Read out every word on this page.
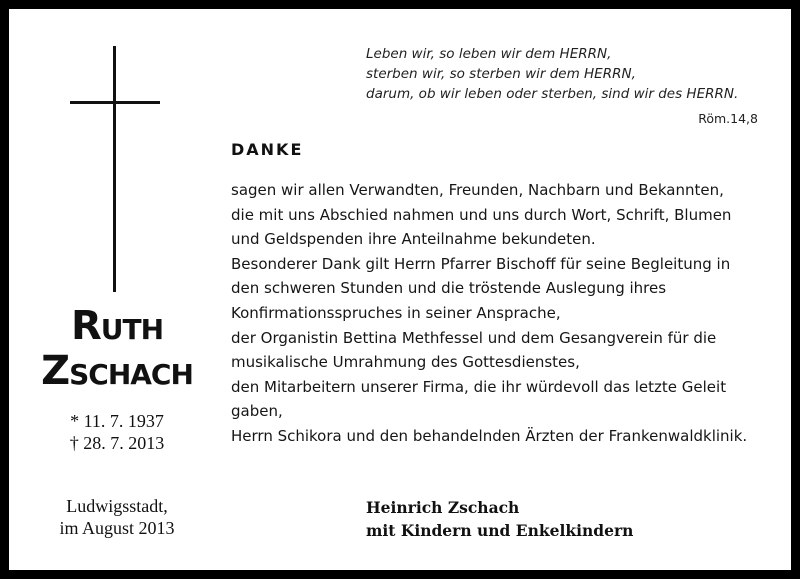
Ruth
Zschach
* 11. 7. 1937
† 28. 7. 2013
Ludwigsstadt,
im August 2013
Leben wir, so leben wir dem HERRN,
sterben wir, so sterben wir dem HERRN,
darum, ob wir leben oder sterben, sind wir des HERRN.
Röm.14,8
DANKE
sagen wir allen Verwandten, Freunden, Nachbarn und Bekannten,
die mit uns Abschied nahmen und uns durch Wort, Schrift, Blumen
und Geldspenden ihre Anteilnahme bekundeten.
Besonderer Dank gilt Herrn Pfarrer Bischoff für seine Begleitung in
den schweren Stunden und die tröstende Auslegung ihres
Konfirmationsspruches in seiner Ansprache,
der Organistin Bettina Methfessel und dem Gesangverein für die
musikalische Umrahmung des Gottesdienstes,
den Mitarbeitern unserer Firma, die ihr würdevoll das letzte Geleit
gaben,
Herrn Schikora und den behandelnden Ärzten der Frankenwaldklinik.
Heinrich Zschach
mit Kindern und Enkelkindern
